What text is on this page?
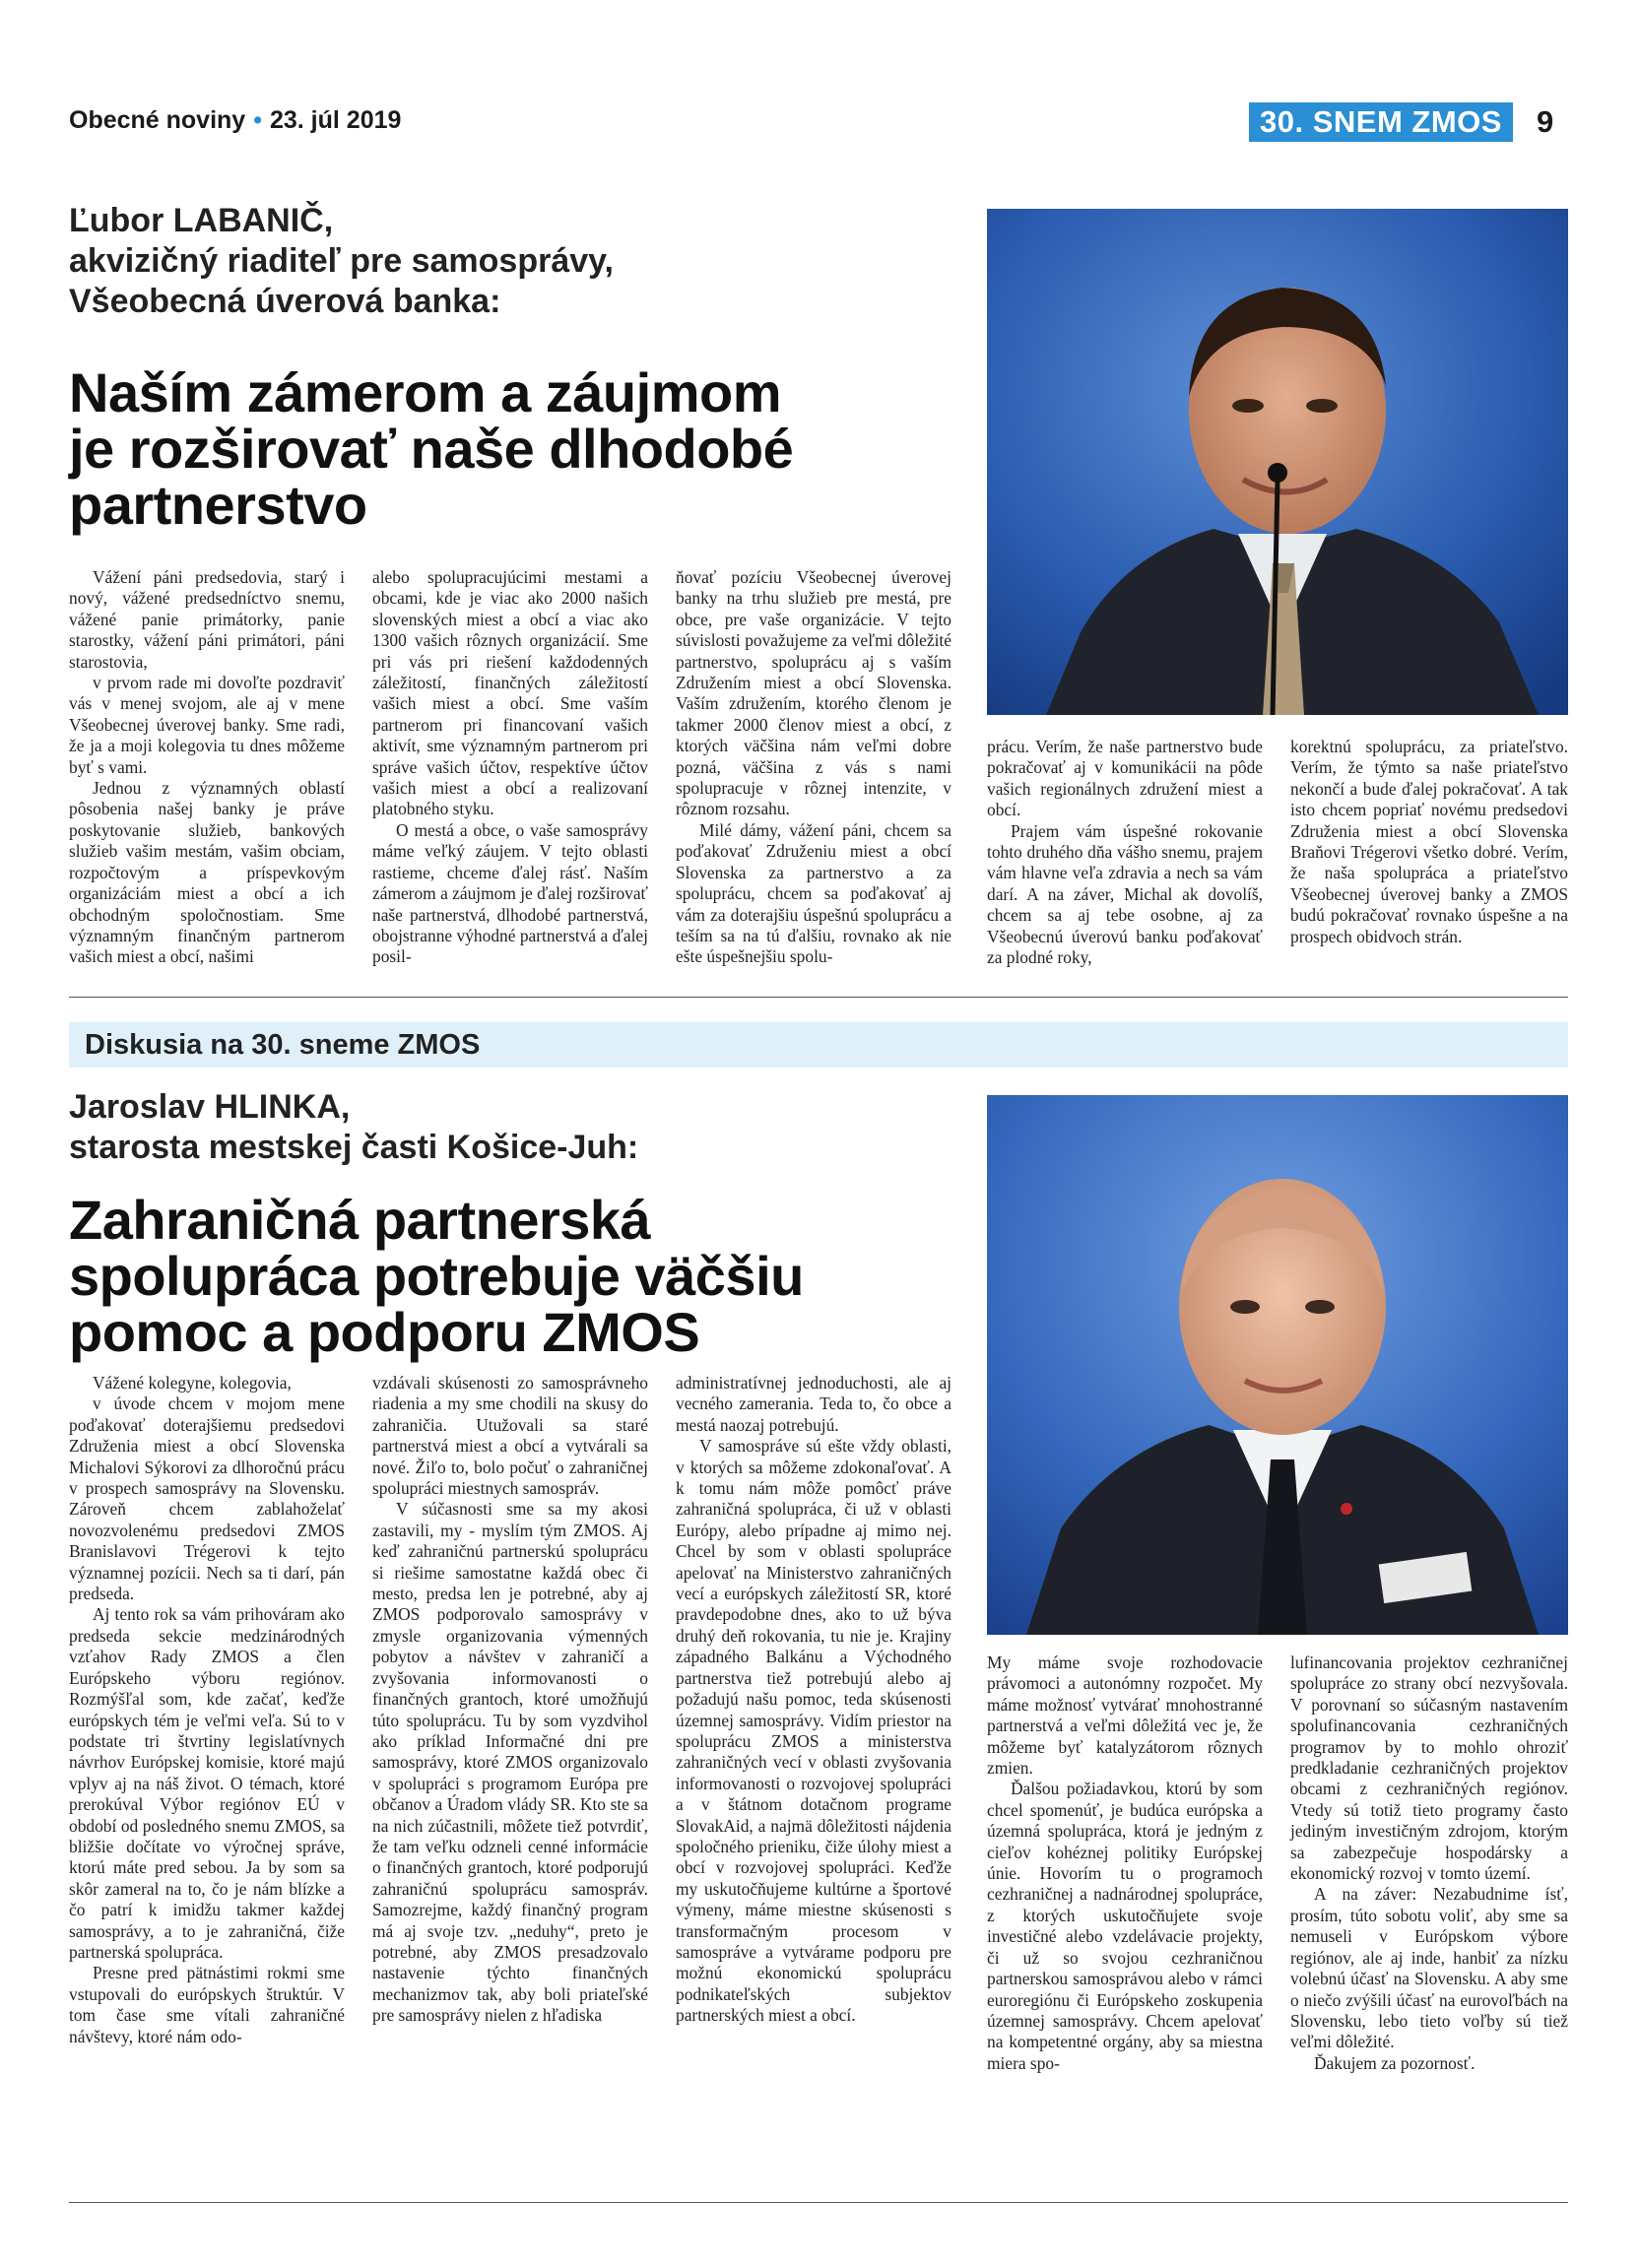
Obecné noviny • 23. júl 2019	30. SNEM ZMOS	9
Ľubor LABANIČ,
akvizičný riaditeľ pre samosprávy,
Všeobecná úverová banka:
Naším zámerom a záujmom
je rozširovať naše dlhodobé
partnerstvo

Vážení páni predsedovia, starý i nový, vážené predsedníctvo snemu, vážené panie primátorky, panie starostky, vážení páni primátori, páni starostovia,

v prvom rade mi dovoľte pozdraviť vás v menej svojom, ale aj v mene Všeobecnej úverovej banky. Sme radi, že ja a moji kolegovia tu dnes môžeme byť s vami.

Jednou z významných oblastí pôsobenia našej banky je práve poskytovanie služieb, bankových služieb vašim mestám, vašim obciam, rozpočtovým a príspevkovým organizáciám miest a obcí a ich obchodným spoločnostiam. Sme významným finančným partnerom vašich miest a obcí, našimi

alebo spolupracujúcimi mestami a obcami, kde je viac ako 2000 našich slovenských miest a obcí a viac ako 1300 vašich rôznych organizácií. Sme pri vás pri riešení každodenných záležitostí, finančných záležitostí vašich miest a obcí. Sme vaším partnerom pri financovaní vašich aktivít, sme významným partnerom pri správe vašich účtov, respektíve účtov vašich miest a obcí a realizovaní platobného styku.

O mestá a obce, o vaše samosprávy máme veľký záujem. V tejto oblasti rastieme, chceme ďalej rásť. Naším zámerom a záujmom je ďalej rozširovať naše partnerstvá, dlhodobé partnerstvá, obojstranne výhodné partnerstvá a ďalej posil-

ňovať pozíciu Všeobecnej úverovej banky na trhu služieb pre mestá, pre obce, pre vaše organizácie. V tejto súvislosti považujeme za veľmi dôležité partnerstvo, spoluprácu aj s vaším Združením miest a obcí Slovenska. Vaším združením, ktorého členom je takmer 2000 členov miest a obcí, z ktorých väčšina nám veľmi dobre pozná, väčšina z vás s nami spolupracuje v rôznej intenzite, v rôznom rozsahu.

Milé dámy, vážení páni, chcem sa poďakovať Združeniu miest a obcí Slovenska za partnerstvo a za spoluprácu, chcem sa poďakovať aj vám za doterajšiu úspešnú spoluprácu a teším sa na tú ďalšiu, rovnako ak nie ešte úspešnejšiu spolu-

prácu. Verím, že naše partnerstvo bude pokračovať aj v komunikácii na pôde vašich regionálnych združení miest a obcí.

Prajem vám úspešné rokovanie tohto druhého dňa vášho snemu, prajem vám hlavne veľa zdravia a nech sa vám darí. A na záver, Michal ak dovolíš, chcem sa aj tebe osobne, aj za Všeobecnú úverovú banku poďakovať za plodné roky,

korektnú spoluprácu, za priateľstvo. Verím, že týmto sa naše priateľstvo nekončí a bude ďalej pokračovať. A tak isto chcem popriať novému predsedovi Združenia miest a obcí Slovenska Braňovi Trégerovi všetko dobré. Verím, že naša spolupráca a priateľstvo Všeobecnej úverovej banky a ZMOS budú pokračovať rovnako úspešne a na prospech obidvoch strán.

Diskusia na 30. sneme ZMOS
Jaroslav HLINKA,
starosta mestskej časti Košice-Juh:
Zahraničná partnerská
spolupráca potrebuje väčšiu
pomoc a podporu ZMOS

Vážené kolegyne, kolegovia,

v úvode chcem v mojom mene poďakovať doterajšiemu predsedovi Združenia miest a obcí Slovenska Michalovi Sýkorovi za dlhoročnú prácu v prospech samosprávy na Slovensku. Zároveň chcem zablahoželať novozvolenému predsedovi ZMOS Branislavovi Trégerovi k tejto významnej pozícii. Nech sa ti darí, pán predseda.

Aj tento rok sa vám prihováram ako predseda sekcie medzinárodných vzťahov Rady ZMOS a člen Európskeho výboru regiónov. Rozmýšľal som, kde začať, keďže európskych tém je veľmi veľa. Sú to v podstate tri štvrtiny legislatívnych návrhov Európskej komisie, ktoré majú vplyv aj na náš život. O témach, ktoré prerokúval Výbor regiónov EÚ v období od posledného snemu ZMOS, sa bližšie dočítate vo výročnej správe, ktorú máte pred sebou. Ja by som sa skôr zameral na to, čo je nám blízke a čo patrí k imidžu takmer každej samosprávy, a to je zahraničná, čiže partnerská spolupráca.

Presne pred pätnástimi rokmi sme vstupovali do európskych štruktúr. V tom čase sme vítali zahraničné návštevy, ktoré nám odo-

vzdávali skúsenosti zo samosprávneho riadenia a my sme chodili na skusy do zahraničia. Utužovali sa staré partnerstvá miest a obcí a vytvárali sa nové. Žiľo to, bolo počuť o zahraničnej spolupráci miestnych samospráv.

V súčasnosti sme sa my akosi zastavili, my - myslím tým ZMOS. Aj keď zahraničnú partnerskú spoluprácu si riešime samostatne každá obec či mesto, predsa len je potrebné, aby aj ZMOS podporovalo samosprávy v zmysle organizovania výmenných pobytov a návštev v zahraničí a zvyšovania informovanosti o finančných grantoch, ktoré umožňujú túto spoluprácu. Tu by som vyzdvihol ako príklad Informačné dni pre samosprávy, ktoré ZMOS organizovalo v spolupráci s programom Európa pre občanov a Úradom vlády SR. Kto ste sa na nich zúčastnili, môžete tiež potvrdiť, že tam veľku odzneli cenné informácie o finančných grantoch, ktoré podporujú zahraničnú spoluprácu samospráv. Samozrejme, každý finančný program má aj svoje tzv. „neduhy“, preto je potrebné, aby ZMOS presadzovalo nastavenie týchto finančných mechanizmov tak, aby boli priateľské pre samosprávy nielen z hľadiska

administratívnej jednoduchosti, ale aj vecného zamerania. Teda to, čo obce a mestá naozaj potrebujú.

V samospráve sú ešte vždy oblasti, v ktorých sa môžeme zdokonaľovať. A k tomu nám môže pomôcť práve zahraničná spolupráca, či už v oblasti Európy, alebo prípadne aj mimo nej. Chcel by som v oblasti spolupráce apelovať na Ministerstvo zahraničných vecí a európskych záležitostí SR, ktoré pravdepodobne dnes, ako to už býva druhý deň rokovania, tu nie je. Krajiny západného Balkánu a Východného partnerstva tiež potrebujú alebo aj požadujú našu pomoc, teda skúsenosti územnej samosprávy. Vidím priestor na spoluprácu ZMOS a ministerstva zahraničných vecí v oblasti zvyšovania informovanosti o rozvojovej spolupráci a v štátnom dotačnom programe SlovakAid, a najmä dôležitosti nájdenia spoločného prieniku, čiže úlohy miest a obcí v rozvojovej spolupráci. Keďže my uskutočňujeme kultúrne a športové výmeny, máme miestne skúsenosti s transformačným procesom v samospráve a vytvárame podporu pre možnú ekonomickú spoluprácu podnikateľských subjektov partnerských miest a obcí.

My máme svoje rozhodovacie právomoci a autonómny rozpočet. My máme možnosť vytvárať mnohostranné partnerstvá a veľmi dôležitá vec je, že môžeme byť katalyzátorom rôznych zmien.

Ďalšou požiadavkou, ktorú by som chcel spomenúť, je budúca európska a územná spolupráca, ktorá je jedným z cieľov kohéznej politiky Európskej únie. Hovorím tu o programoch cezhraničnej a nadnárodnej spolupráce, z ktorých uskutočňujete svoje investičné alebo vzdelávacie projekty, či už so svojou cezhraničnou partnerskou samosprávou alebo v rámci euroregiónu či Európskeho zoskupenia územnej samosprávy. Chcem apelovať na kompetentné orgány, aby sa miestna miera spo-

lufinancovania projektov cezhraničnej spolupráce zo strany obcí nezvyšovala. V porovnaní so súčasným nastavením spolufinancovania cezhraničných programov by to mohlo ohroziť predkladanie cezhraničných projektov obcami z cezhraničných regiónov. Vtedy sú totiž tieto programy často jediným investičným zdrojom, ktorým sa zabezpečuje hospodársky a ekonomický rozvoj v tomto území.

A na záver: Nezabudnime ísť, prosím, túto sobotu voliť, aby sme sa nemuseli v Európskom výbore regiónov, ale aj inde, hanbiť za nízku volebnú účasť na Slovensku. A aby sme o niečo zvýšili účasť na eurovoľbách na Slovensku, lebo tieto voľby sú tiež veľmi dôležité.

Ďakujem za pozornosť.
